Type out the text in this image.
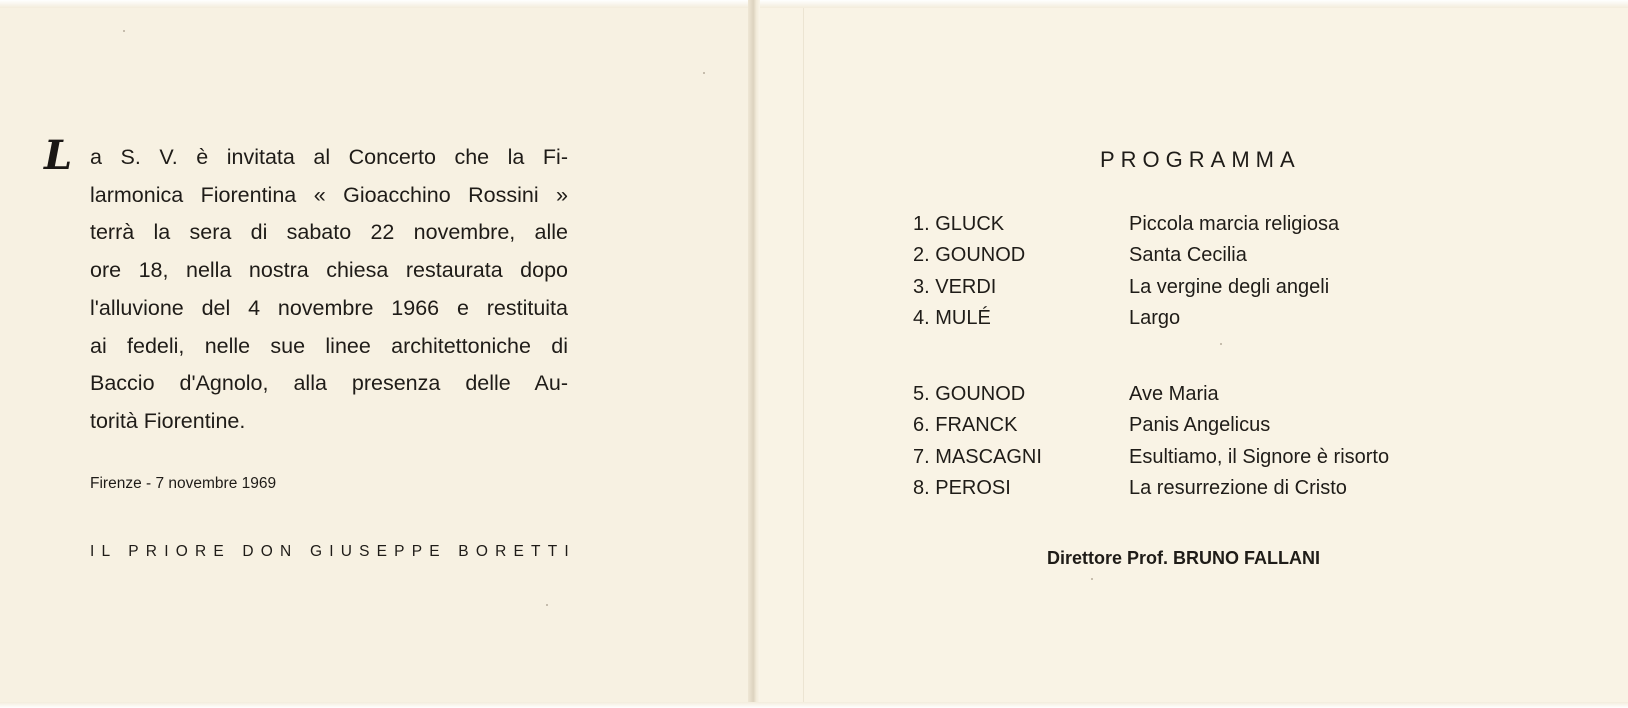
L a S. V. è invitata al Concerto che la Fi-
larmonica Fiorentina « Gioacchino Rossini »
terrà la sera di sabato 22 novembre, alle
ore 18, nella nostra chiesa restaurata dopo
l'alluvione del 4 novembre 1966 e restituita
ai fedeli, nelle sue linee architettoniche di
Baccio d'Agnolo, alla presenza delle Au-
torità Fiorentine.
Firenze - 7 novembre 1969
IL PRIORE DON GIUSEPPE BORETTI
PROGRAMMA
1. GLUCK	Piccola marcia religiosa
2. GOUNOD	Santa Cecilia
3. VERDI	La vergine degli angeli
4. MULÉ	Largo
5. GOUNOD	Ave Maria
6. FRANCK	Panis Angelicus
7. MASCAGNI	Esultiamo, il Signore è risorto
8. PEROSI	La resurrezione di Cristo
Direttore Prof. BRUNO FALLANI
